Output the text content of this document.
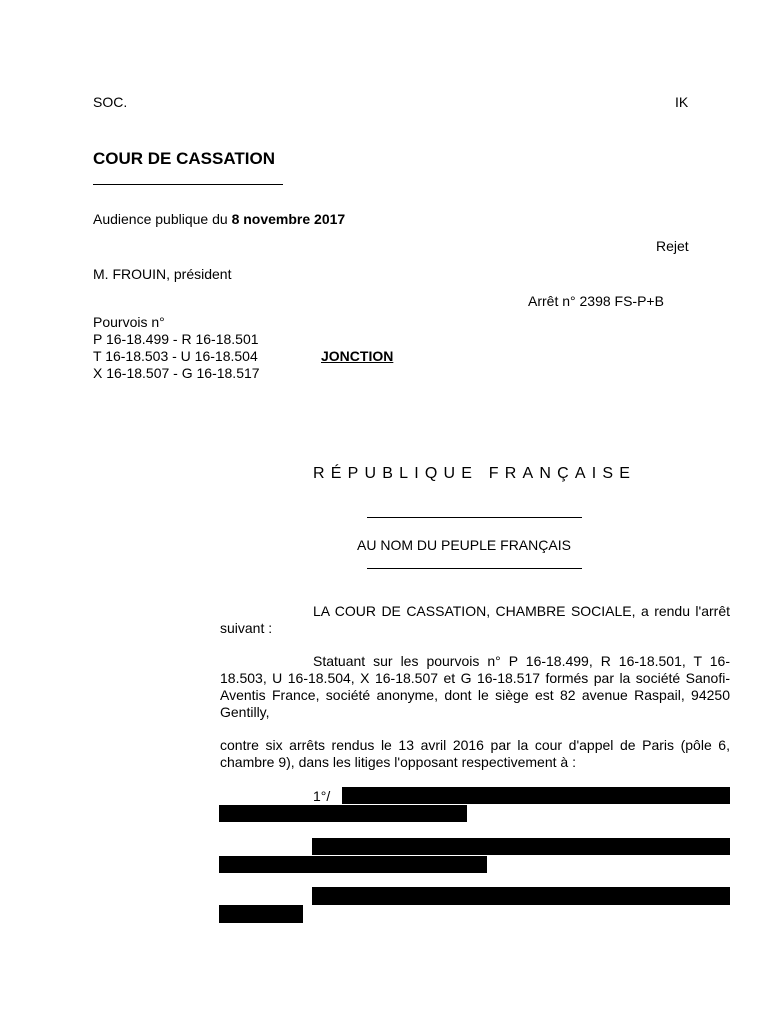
SOC.	IK
COUR DE CASSATION
Audience publique du 8 novembre 2017
Rejet
M. FROUIN, président
Arrêt n° 2398 FS-P+B
Pourvois n°
P 16-18.499 - R 16-18.501
T 16-18.503 - U 16-18.504
X 16-18.507 - G 16-18.517
JONCTION
RÉPUBLIQUE FRANÇAISE
AU NOM DU PEUPLE FRANÇAIS
LA COUR DE CASSATION, CHAMBRE SOCIALE, a rendu l'arrêt suivant :
Statuant sur les pourvois n° P 16-18.499, R 16-18.501, T 16-18.503, U 16-18.504, X 16-18.507 et G 16-18.517 formés par la société Sanofi-Aventis France, société anonyme, dont le siège est 82 avenue Raspail, 94250 Gentilly,
contre six arrêts rendus le 13 avril 2016 par la cour d'appel de Paris (pôle 6, chambre 9), dans les litiges l'opposant respectivement à :
1°/
